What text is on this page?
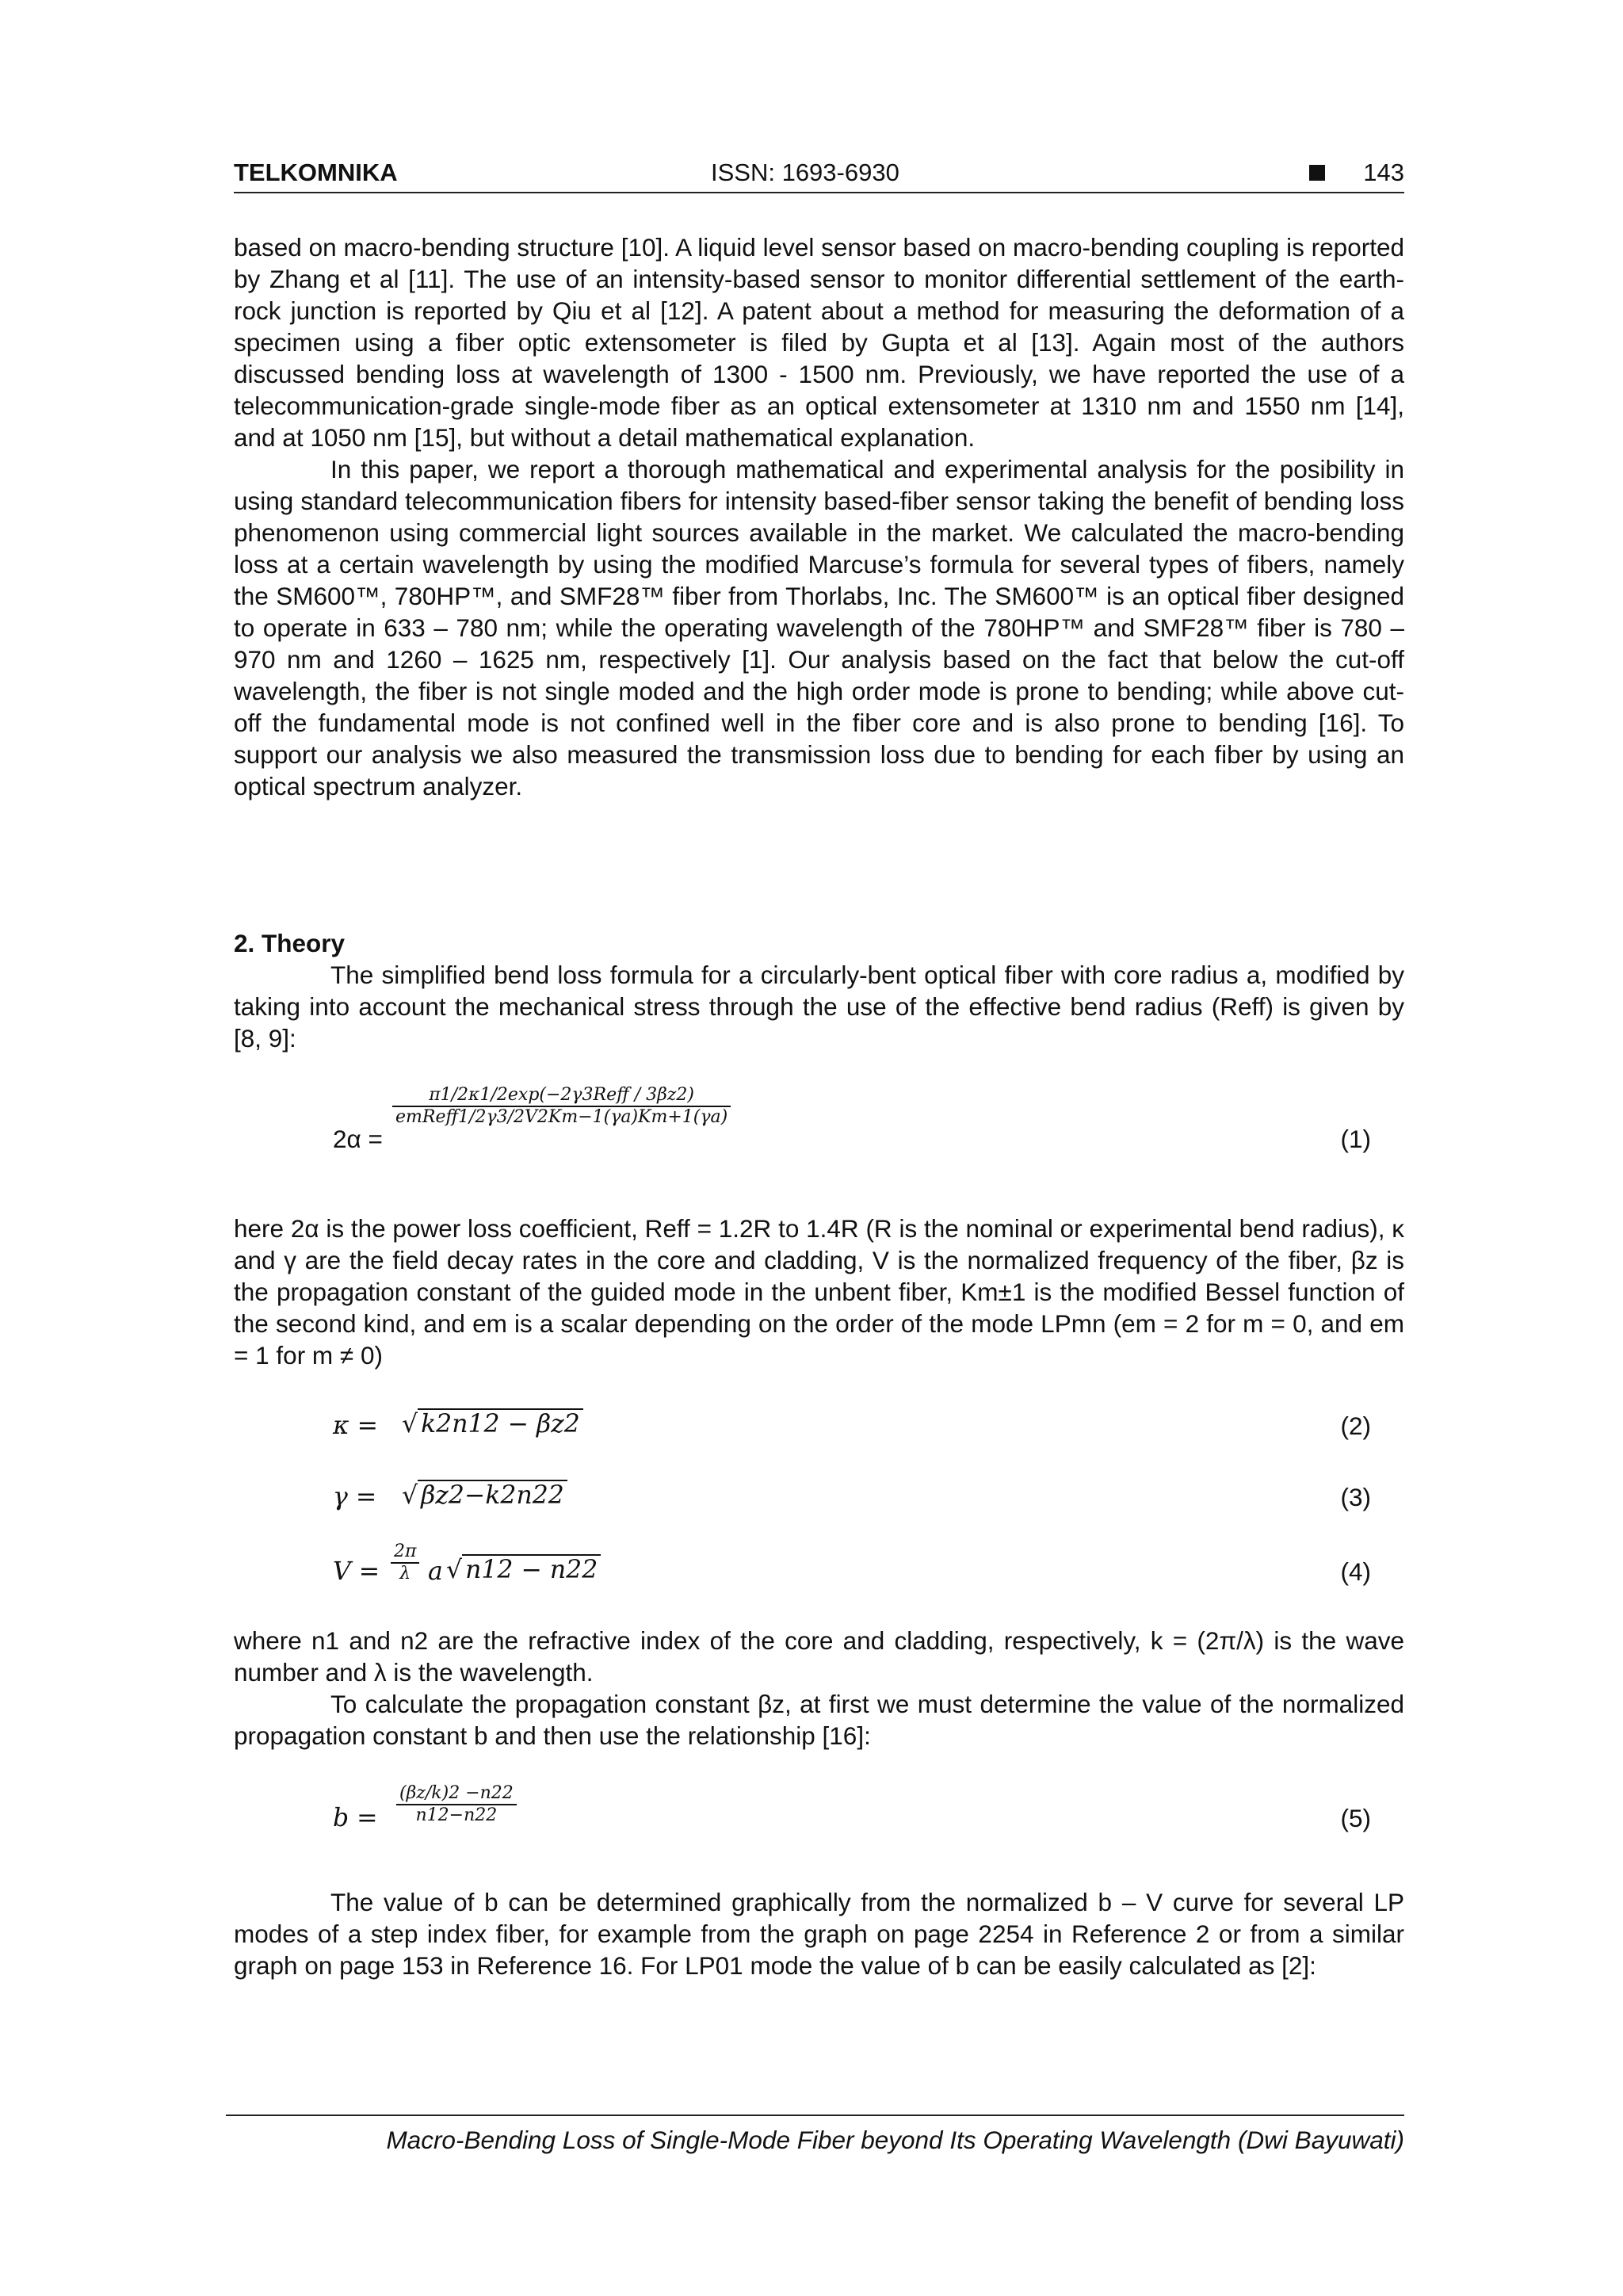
TELKOMNIKA	ISSN: 1693-6930	143

based on macro-bending structure [10]. A liquid level sensor based on macro-bending coupling is reported by Zhang et al [11]. The use of an intensity-based sensor to monitor differential settlement of the earth-rock junction is reported by Qiu et al [12]. A patent about a method for measuring the deformation of a specimen using a fiber optic extensometer is filed by Gupta et al [13]. Again most of the authors discussed bending loss at wavelength of 1300 - 1500 nm. Previously, we have reported the use of a telecommunication-grade single-mode fiber as an optical extensometer at 1310 nm and 1550 nm [14], and at 1050 nm [15], but without a detail mathematical explanation.

In this paper, we report a thorough mathematical and experimental analysis for the posibility in using standard telecommunication fibers for intensity based-fiber sensor taking the benefit of bending loss phenomenon using commercial light sources available in the market. We calculated the macro-bending loss at a certain wavelength by using the modified Marcuse’s formula for several types of fibers, namely the SM600™, 780HP™, and SMF28™ fiber from Thorlabs, Inc. The SM600™ is an optical fiber designed to operate in 633 – 780 nm; while the operating wavelength of the 780HP™ and SMF28™ fiber is 780 – 970 nm and 1260 – 1625 nm, respectively [1]. Our analysis based on the fact that below the cut-off wavelength, the fiber is not single moded and the high order mode is prone to bending; while above cut-off the fundamental mode is not confined well in the fiber core and is also prone to bending [16]. To support our analysis we also measured the transmission loss due to bending for each fiber by using an optical spectrum analyzer.

2. Theory

The simplified bend loss formula for a circularly-bent optical fiber with core radius a, modified by taking into account the mechanical stress through the use of the effective bend radius (Reff) is given by [8, 9]:

2α =
π1/2κ1/2exp(−2γ3Reff / 3βz2)
emReff1/2γ3/2V2Km−1(γa)Km+1(γa)
(1)

here 2α is the power loss coefficient, Reff = 1.2R to 1.4R (R is the nominal or experimental bend radius), κ and γ are the field decay rates in the core and cladding, V is the normalized frequency of the fiber, βz is the propagation constant of the guided mode in the unbent fiber, Km±1 is the modified Bessel function of the second kind, and em is a scalar depending on the order of the mode LPmn (em = 2 for m = 0, and em = 1 for m ≠ 0)

κ = √ k2n12 − βz2	(2)
γ = √ βz2−k2n22	(3)
V =
2π
λ a √ n12 − n22	(4)

where n1 and n2 are the refractive index of the core and cladding, respectively, k = (2π/λ) is the wave number and λ is the wavelength.

To calculate the propagation constant βz, at first we must determine the value of the normalized propagation constant b and then use the relationship [16]:

b =
(βz/k)2 −n22
n12−n22	(5)

The value of b can be determined graphically from the normalized b – V curve for several LP modes of a step index fiber, for example from the graph on page 2254 in Reference 2 or from a similar graph on page 153 in Reference 16. For LP01 mode the value of b can be easily calculated as [2]:

Macro-Bending Loss of Single-Mode Fiber beyond Its Operating Wavelength (Dwi Bayuwati)
